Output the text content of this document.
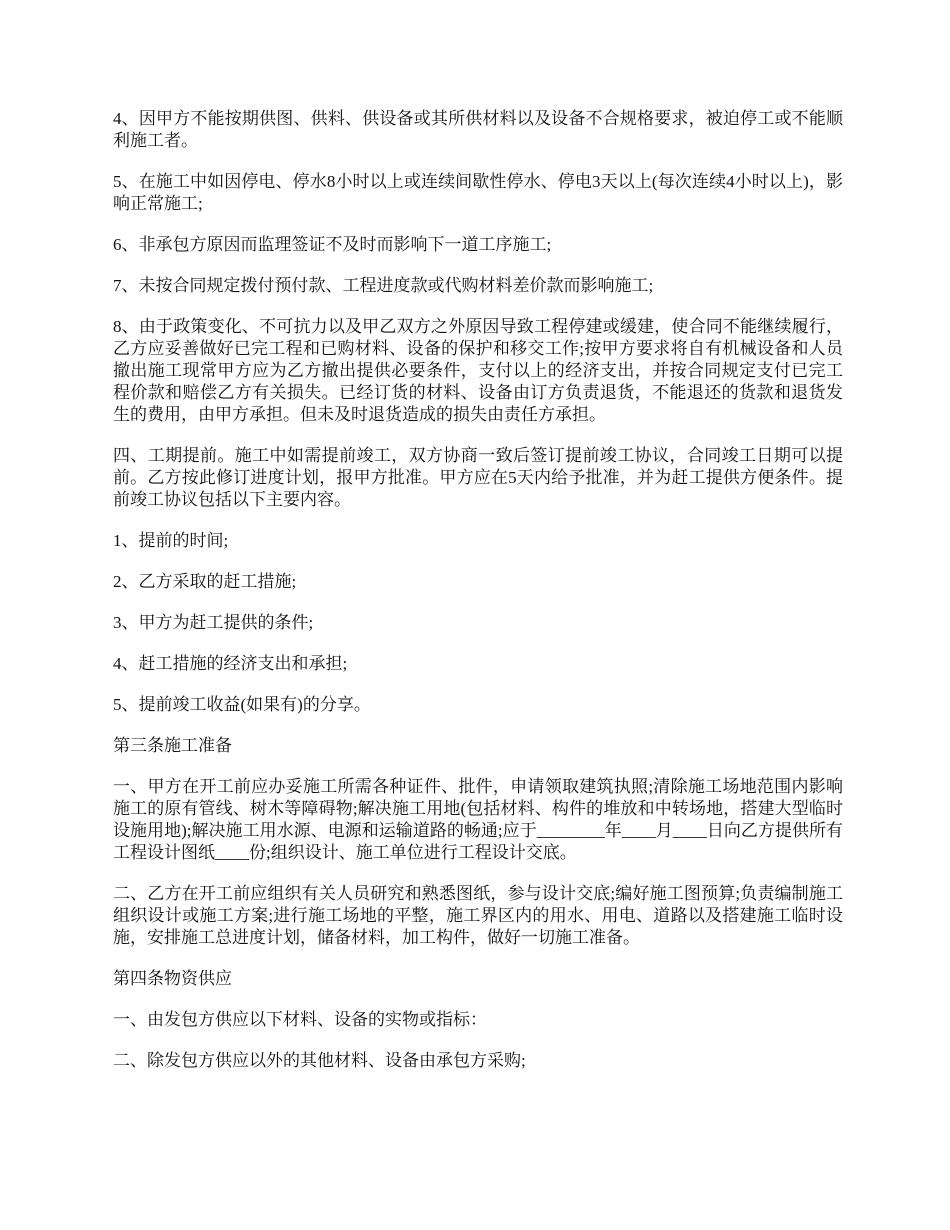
4、因甲方不能按期供图、供料、供设备或其所供材料以及设备不合规格要求，被迫停工或不能顺利施工者。

5、在施工中如因停电、停水8小时以上或连续间歇性停水、停电3天以上(每次连续4小时以上)，影响正常施工;

6、非承包方原因而监理签证不及时而影响下一道工序施工;

7、未按合同规定拨付预付款、工程进度款或代购材料差价款而影响施工;

8、由于政策变化、不可抗力以及甲乙双方之外原因导致工程停建或缓建，使合同不能继续履行，乙方应妥善做好已完工程和已购材料、设备的保护和移交工作;按甲方要求将自有机械设备和人员撤出施工现常甲方应为乙方撤出提供必要条件，支付以上的经济支出，并按合同规定支付已完工程价款和赔偿乙方有关损失。已经订货的材料、设备由订方负责退货，不能退还的货款和退货发生的费用，由甲方承担。但未及时退货造成的损失由责任方承担。

四、工期提前。施工中如需提前竣工，双方协商一致后签订提前竣工协议，合同竣工日期可以提前。乙方按此修订进度计划，报甲方批准。甲方应在5天内给予批准，并为赶工提供方便条件。提前竣工协议包括以下主要内容。

1、提前的时间;

2、乙方采取的赶工措施;

3、甲方为赶工提供的条件;

4、赶工措施的经济支出和承担;

5、提前竣工收益(如果有)的分享。

第三条施工准备

一、甲方在开工前应办妥施工所需各种证件、批件，申请领取建筑执照;清除施工场地范围内影响施工的原有管线、树木等障碍物;解决施工用地(包括材料、构件的堆放和中转场地，搭建大型临时设施用地);解决施工用水源、电源和运输道路的畅通;应于________年____月____日向乙方提供所有工程设计图纸____份;组织设计、施工单位进行工程设计交底。

二、乙方在开工前应组织有关人员研究和熟悉图纸，参与设计交底;编好施工图预算;负责编制施工组织设计或施工方案;进行施工场地的平整，施工界区内的用水、用电、道路以及搭建施工临时设施，安排施工总进度计划，储备材料，加工构件，做好一切施工准备。

第四条物资供应

一、由发包方供应以下材料、设备的实物或指标：

二、除发包方供应以外的其他材料、设备由承包方采购;
